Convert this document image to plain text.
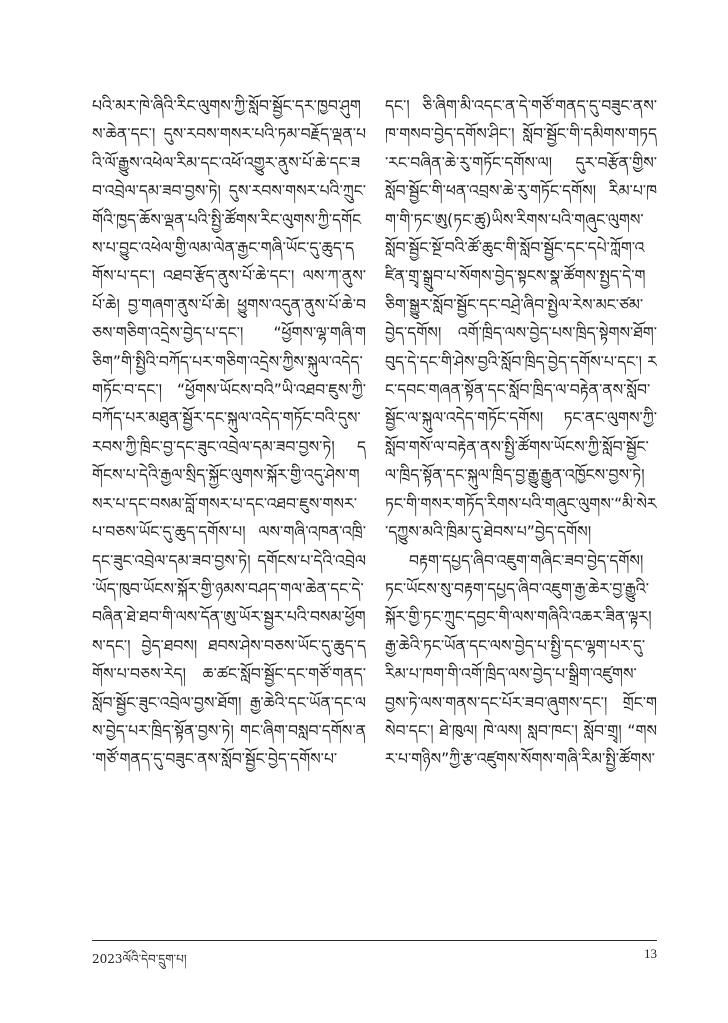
པའི་མར་ཁེ་ཞིའི་རིང་ལུགས་ཀྱི་སློབ་སྦྱོང་དར་ཁྱབ་ཤུགས་ཆེན་དང་། དུས་རབས་གསར་པའི་ཏམ་བརྗོད་ལྡན་པའི་ལོ་རྒྱུས་འཕེལ་རིམ་དང་འཕོ་འགྱུར་ནུས་པོ་ཆེ་དང་ཟབ་འབྲེལ་དམ་ཟབ་བྱས་ཏེ། དུས་རབས་གསར་པའི་ཀྲུང་གོའི་ཁྱད་ཆོས་ལྡན་པའི་སྤྱི་ཚོགས་རིང་ལུགས་ཀྱི་དགོངས་པ་བྱུང་འཕེལ་གྱི་ལམ་ལེན་རྒྱང་གཞི་ཡོང་དུ་ཆུད་དགོས་པ་དང་། འཐབ་རྩོད་ནུས་པོ་ཆེ་དང་། ལས་ཀ་ནུས་པོ་ཆེ། བྱ་གཞག་ནུས་པོ་ཆེ། ཕྱུགས་འདུན་ནུས་པོ་ཆེ་བཅས་གཅིག་འདྲེས་བྱེད་པ་དང་། “ཕྱོགས་ལྷ་གཞི་གཅིག”གི་སྤྱིའི་བཀོད་པར་གཅིག་འདྲེས་ཀྱིས་སྐུལ་འདེད་གཏོང་བ་དང་། “ཕྱོགས་ཡོངས་བའི”ཡི་འཐབ་ཇུས་ཀྱི་བཀོད་པར་མཐུན་སྦྱོར་དང་སྐུལ་འདེད་གཏོང་བའི་དུས་རབས་ཀྱི་ཁྲིང་བྱ་དང་ཟུང་འབྲེལ་དམ་ཟབ་བྱས་ཏེ། དགོངས་པ་དེའི་རྒྱལ་སྲིད་སྐྱོང་ལུགས་སྐོར་གྱི་འདུ་ཤེས་གསར་པ་དང་བསམ་བློ་གསར་པ་དང་འཐབ་ཇུས་གསར་པ་བཅས་ཡོང་དུ་ཆུད་དགོས་པ། ལས་གཞི་འཁན་འཁྲི་དང་ཟུང་འབྲེལ་དམ་ཟབ་བྱས་ཏེ། དགོངས་པ་དེའི་འབྲེལ་ཡོད་ཁུབ་ཡོངས་སྐོར་གྱི་ཉམས་བཤད་གལ་ཆེན་དང་དེ་བཞིན་ཐེ་ཐབ་གི་ལས་དོན་ཨུ་ཡོར་སྦྱར་པའི་བསམ་ཕྱོགས་དང་། བྱེད་ཐབས། ཐབས་ཤེས་བཅས་ཡོང་དུ་ཆུད་དགོས་པ་བཅས་རེད། ཆ་ཚང་སློབ་སྦྱོང་དང་གཙོ་གནད་སློབ་སྦྱོང་ཟུང་འབྲེལ་བྱས་ཐོག། རྒྱ་ཆེའི་དང་ཡོན་དང་ལས་བྱེད་པར་ཁྲིད་སྟོན་བྱས་ཏེ། གང་ཞིག་བསླབ་དགོས་ན་གཙོ་གནད་དུ་བཟུང་ནས་སློབ་སྦྱོང་བྱེད་དགོས་པ་

དང་། ཅི་ཞིག་མི་འདང་ན་དེ་གཙོ་གནད་དུ་བཟུང་ནས་ཁ་གསབ་བྱེད་དགོས་ཤིང་། སློབ་སྦྱོང་གི་དམིགས་གཏད་རང་བཞིན་ཆེ་རུ་གཏོང་དགོས་ལ། དུར་བརྩོན་གྱིས་སློབ་སྦྱོང་གི་ཕན་འབྲས་ཆེ་རུ་གཏོང་དགོས། རིམ་པ་ཁག་གི་ཏང་ཨུ(ཏང་ཚུ)ཡིས་རིགས་པའི་གཞུང་ལུགས་སློབ་སྦྱོང་སྔོ་བའི་ཚོ་ཆུང་གི་སློབ་སྦྱོང་དང་དཔེ་ཀློག་འཛིན་གྲྭ་སྒྲུབ་པ་སོགས་བྱེད་སྟངས་སྣ་ཚོགས་སྤྱད་དེ་གཅིག་སྒྱུར་སློབ་སྦྱོང་དང་བཤྲེ་ཞིབ་སྤྱེལ་རེས་མང་ཙམ་བྱེད་དགོས། འགོ་ཁྲིད་ལས་བྱེད་པས་ཁྲིད་སྟེགས་ཐོག་བུད་དེ་དང་གི་ཤེས་བྱའི་སློབ་ཁྲིད་བྱེད་དགོས་པ་དང་། རང་དབང་གཞན་སྟོན་དང་སློབ་ཁྲིད་ལ་བརྟེན་ནས་སློབ་སྦྱོང་ལ་སྐུལ་འདེད་གཏོང་དགོས། ཏང་ནང་ལུགས་ཀྱི་སློབ་གསོ་ལ་བརྟེན་ནས་སྤྱི་ཚོགས་ཡོངས་ཀྱི་སློབ་སྦྱོང་ལ་ཁྲིད་སྟོན་དང་སྐུལ་ཁྲིད་བྱ་རྒྱུ་རྒྱུན་འཁྱོངས་བྱས་ཏེ། ཏང་གི་གསར་གཏོད་རིགས་པའི་གཞུང་ལུགས་“མི་སེར་དཀྱུས་མའི་ཁྲིམ་དུ་ཐེབས་པ”བྱེད་དགོས།

བརྟག་དཔྱད་ཞིབ་འཇུག་གཞིང་ཟབ་བྱེད་དགོས། ཏང་ཡོངས་སུ་བརྟག་དཔྱད་ཞིབ་འཇུག་རྒྱ་ཆེར་བྱ་རྒྱུའི་སྐོར་གྱི་ཏང་ཀྲུང་དབྱང་གི་ལས་གཞིའི་འཆར་ཟིན་ལྟར། རྒྱ་ཆེའི་ཏང་ཡོན་དང་ལས་བྱེད་པ་སྤྱི་དང་ལྷག་པར་དུ་རིམ་པ་ཁག་གི་འགོ་ཁྲིད་ལས་བྱེད་པ་སྒྲིག་འཛུགས་བྱས་ཏེ་ལས་གནས་དང་པོར་ཟབ་ཞུགས་དང་། གྲོང་གསེབ་དང་། ཐེ་ཁུལ། ཁེ་ལས། སླབ་ཁང་། སློབ་གྲྭ། “གསར་པ་གཉིས”ཀྱི་རྩ་འཛུགས་སོགས་གཞི་རིམ་སྤྱི་ཚོགས་

2023ལོའི་དེབ་དྲུག་པ།	13
